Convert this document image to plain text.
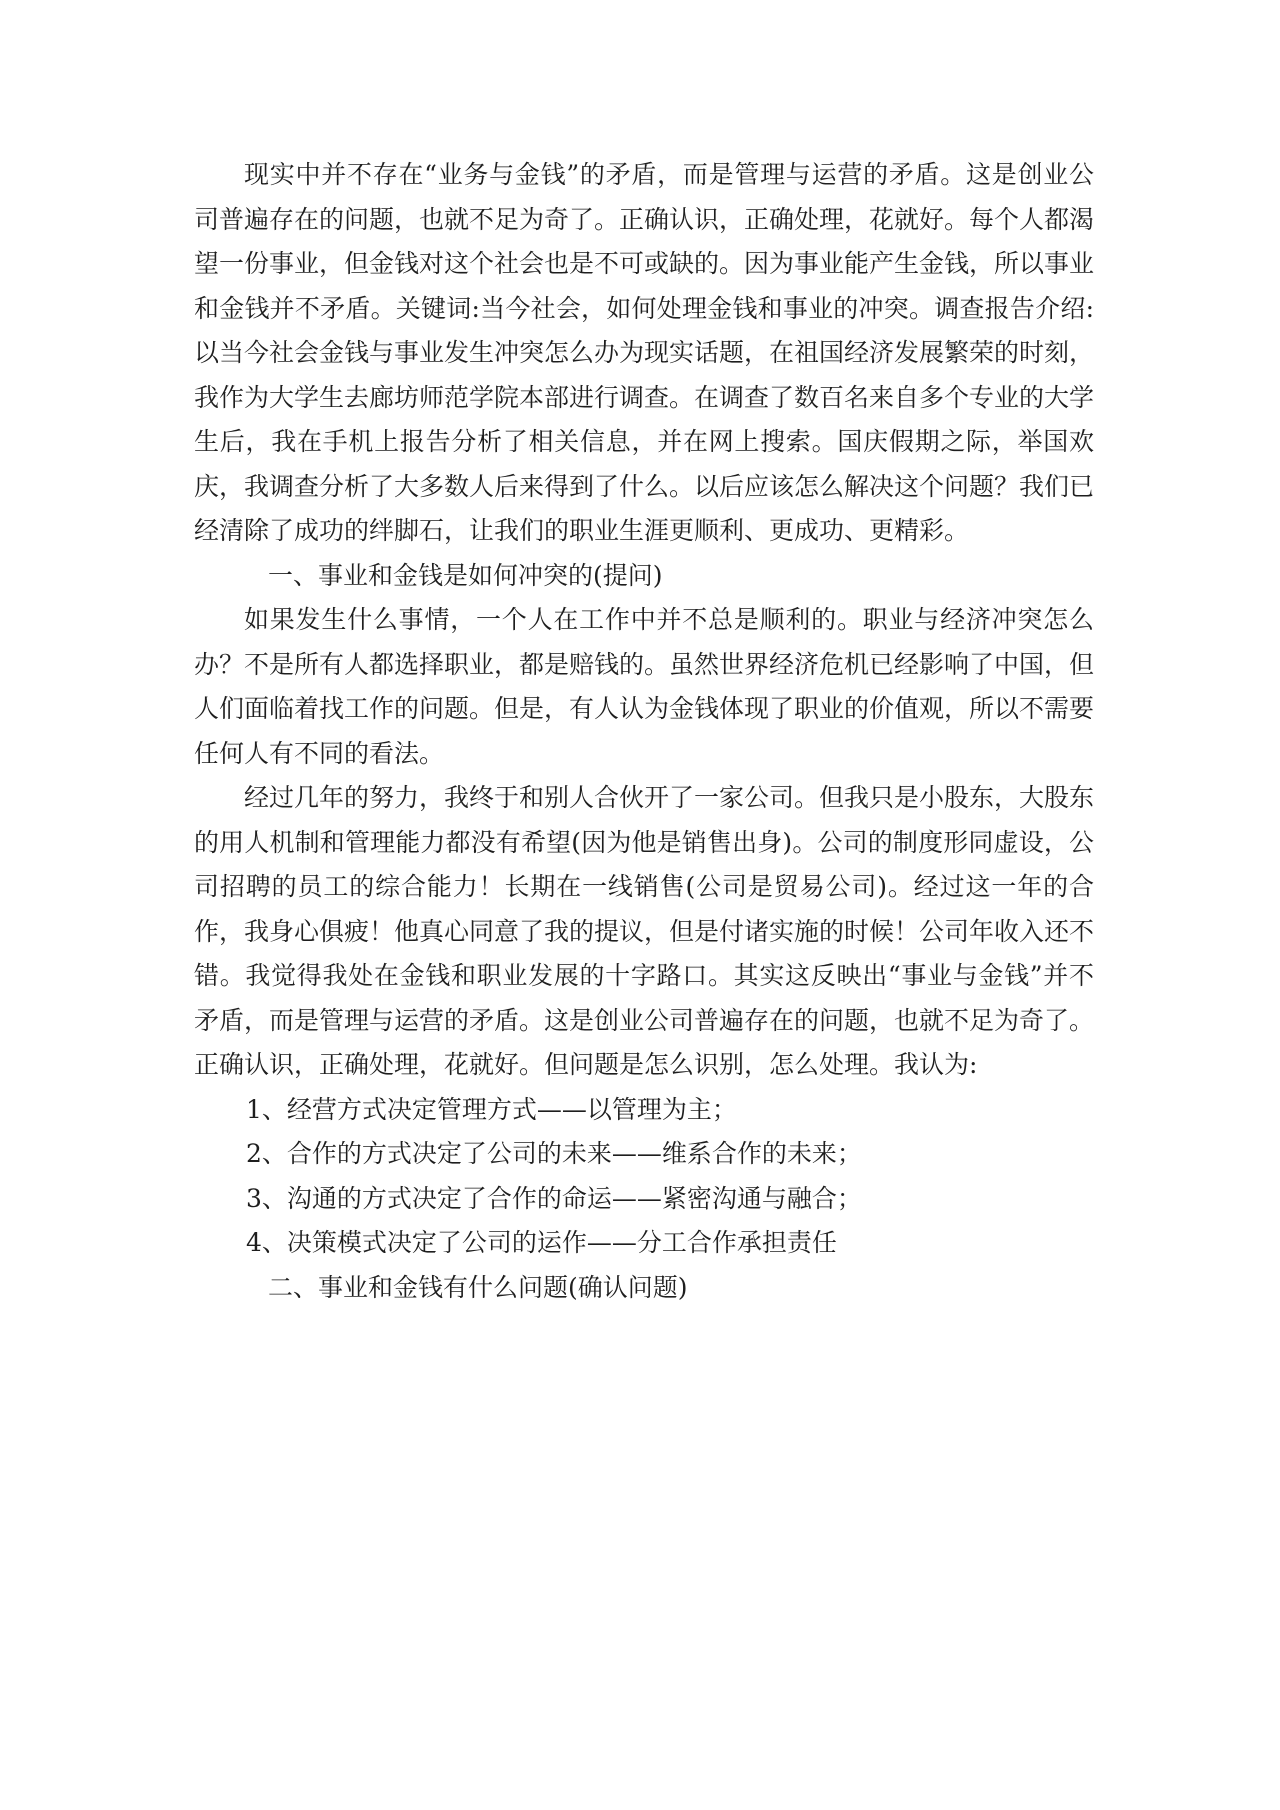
现实中并不存在“业务与金钱”的矛盾，而是管理与运营的矛盾。这是创业公司普遍存在的问题，也就不足为奇了。正确认识，正确处理，花就好。每个人都渴望一份事业，但金钱对这个社会也是不可或缺的。因为事业能产生金钱，所以事业和金钱并不矛盾。关键词:当今社会，如何处理金钱和事业的冲突。调查报告介绍:以当今社会金钱与事业发生冲突怎么办为现实话题，在祖国经济发展繁荣的时刻，我作为大学生去廊坊师范学院本部进行调查。在调查了数百名来自多个专业的大学生后，我在手机上报告分析了相关信息，并在网上搜索。国庆假期之际，举国欢庆，我调查分析了大多数人后来得到了什么。以后应该怎么解决这个问题？我们已经清除了成功的绊脚石，让我们的职业生涯更顺利、更成功、更精彩。

一、事业和金钱是如何冲突的(提问)

如果发生什么事情，一个人在工作中并不总是顺利的。职业与经济冲突怎么办？不是所有人都选择职业，都是赔钱的。虽然世界经济危机已经影响了中国，但人们面临着找工作的问题。但是，有人认为金钱体现了职业的价值观，所以不需要任何人有不同的看法。

经过几年的努力，我终于和别人合伙开了一家公司。但我只是小股东，大股东的用人机制和管理能力都没有希望(因为他是销售出身)。公司的制度形同虚设，公司招聘的员工的综合能力！长期在一线销售(公司是贸易公司)。经过这一年的合作，我身心俱疲！他真心同意了我的提议，但是付诸实施的时候！公司年收入还不错。我觉得我处在金钱和职业发展的十字路口。其实这反映出“事业与金钱”并不矛盾，而是管理与运营的矛盾。这是创业公司普遍存在的问题，也就不足为奇了。正确认识，正确处理，花就好。但问题是怎么识别，怎么处理。我认为:

1、经营方式决定管理方式——以管理为主；

2、合作的方式决定了公司的未来——维系合作的未来；

3、沟通的方式决定了合作的命运——紧密沟通与融合；

4、决策模式决定了公司的运作——分工合作承担责任

二、事业和金钱有什么问题(确认问题)
